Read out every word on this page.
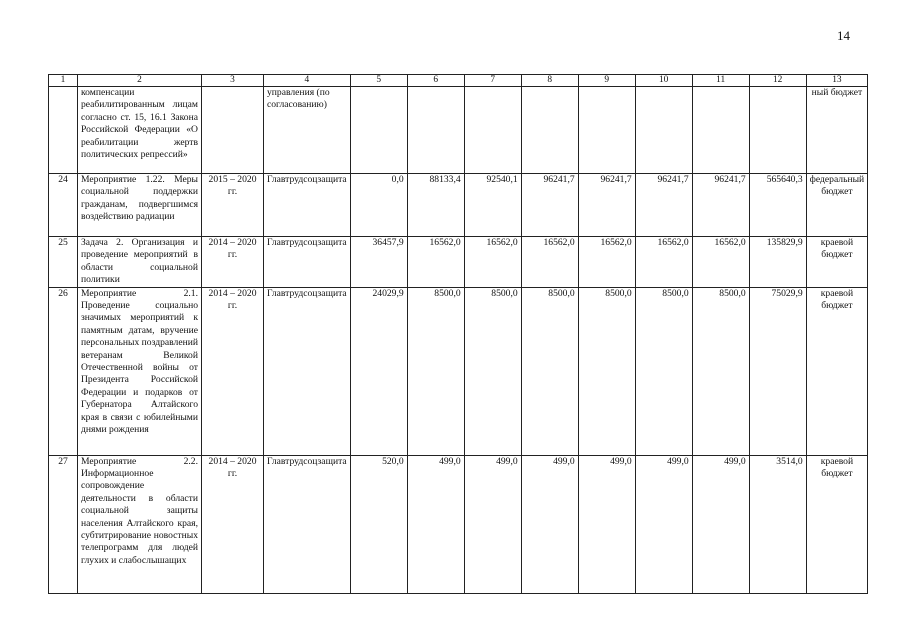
14
1	2	3	4	5	6	7	8	9	10	11	12	13
	компенсации реабилитированным лицам согласно ст. 15, 16.1 Закона Российской Федерации «О реабилитации жертв политических репрессий»		управления (по согласованию)									ный бюджет
24	Мероприятие 1.22. Меры социальной поддержки гражданам, подвергшимся воздействию радиации	2015 – 2020 гг.	Главтрудсоцзащита	0,0	88133,4	92540,1	96241,7	96241,7	96241,7	96241,7	565640,3	федеральный бюджет
25	Задача 2. Организация и проведение мероприятий в области социальной политики	2014 – 2020 гг.	Главтрудсоцзащита	36457,9	16562,0	16562,0	16562,0	16562,0	16562,0	16562,0	135829,9	краевой бюджет
26	Мероприятие 2.1. Проведение социально значимых мероприятий к памятным датам, вручение персональных поздравлений ветеранам Великой Отечественной войны от Президента Российской Федерации и подарков от Губернатора Алтайского края в связи с юбилейными днями рождения	2014 – 2020 гг.	Главтрудсоцзащита	24029,9	8500,0	8500,0	8500,0	8500,0	8500,0	8500,0	75029,9	краевой бюджет
27	Мероприятие 2.2. Информационное сопровождение деятельности в области социальной защиты населения Алтайского края, субтитрирование новостных телепрограмм для людей глухих и слабослышащих	2014 – 2020 гг.	Главтрудсоцзащита	520,0	499,0	499,0	499,0	499,0	499,0	499,0	3514,0	краевой бюджет
